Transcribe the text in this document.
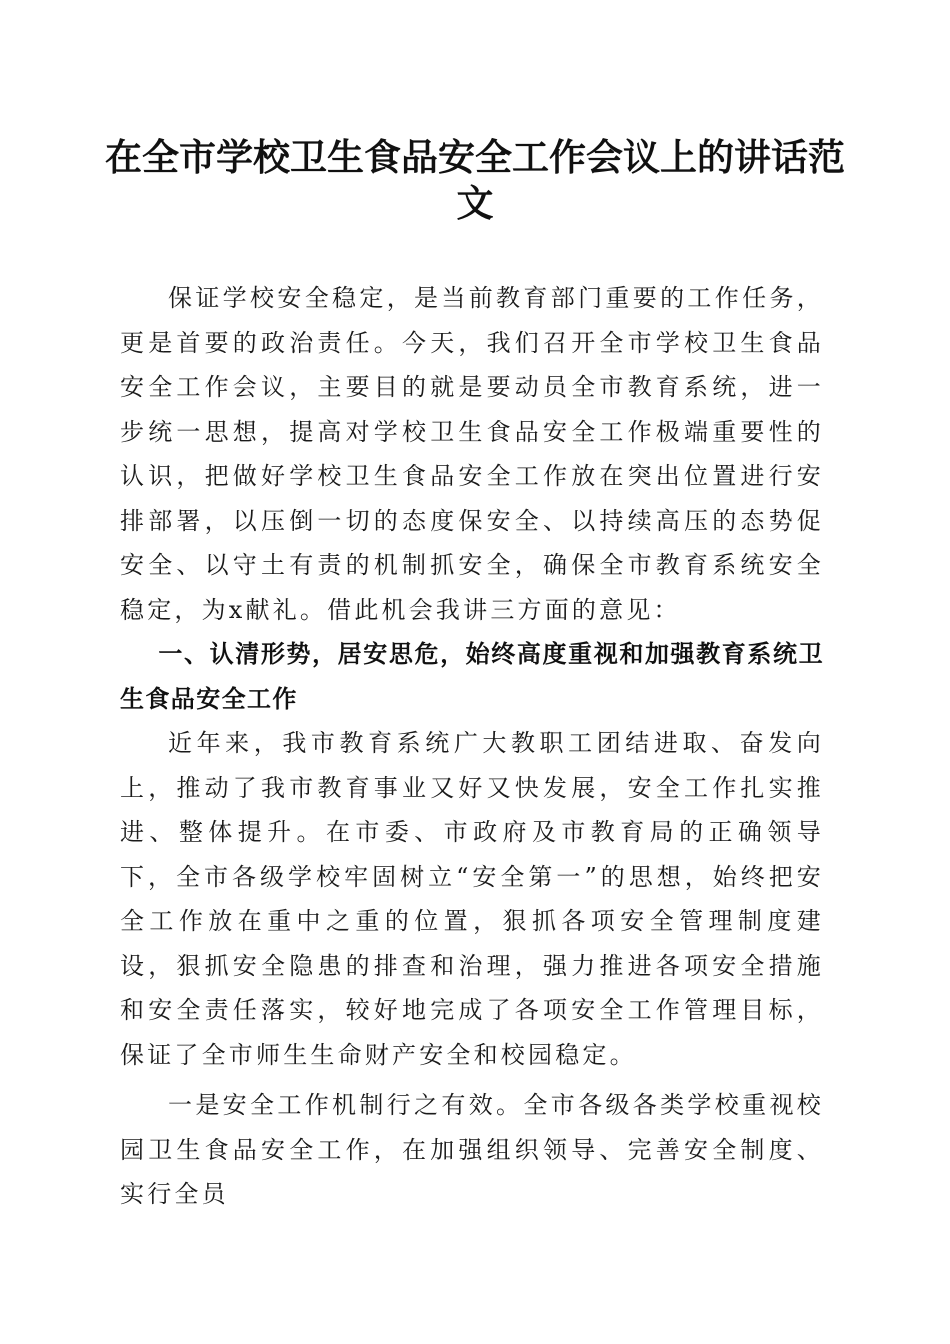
在全市学校卫生食品安全工作会议上的讲话范文

保证学校安全稳定，是当前教育部门重要的工作任务，更是首要的政治责任。今天，我们召开全市学校卫生食品安全工作会议，主要目的就是要动员全市教育系统，进一步统一思想，提高对学校卫生食品安全工作极端重要性的认识，把做好学校卫生食品安全工作放在突出位置进行安排部署，以压倒一切的态度保安全、以持续高压的态势促安全、以守土有责的机制抓安全，确保全市教育系统安全稳定，为x献礼。借此机会我讲三方面的意见：

一、认清形势，居安思危，始终高度重视和加强教育系统卫生食品安全工作

近年来，我市教育系统广大教职工团结进取、奋发向上，推动了我市教育事业又好又快发展，安全工作扎实推进、整体提升。在市委、市政府及市教育局的正确领导下，全市各级学校牢固树立“安全第一”的思想，始终把安全工作放在重中之重的位置，狠抓各项安全管理制度建设，狠抓安全隐患的排查和治理，强力推进各项安全措施和安全责任落实，较好地完成了各项安全工作管理目标，保证了全市师生生命财产安全和校园稳定。

一是安全工作机制行之有效。全市各级各类学校重视校园卫生食品安全工作，在加强组织领导、完善安全制度、实行全员
